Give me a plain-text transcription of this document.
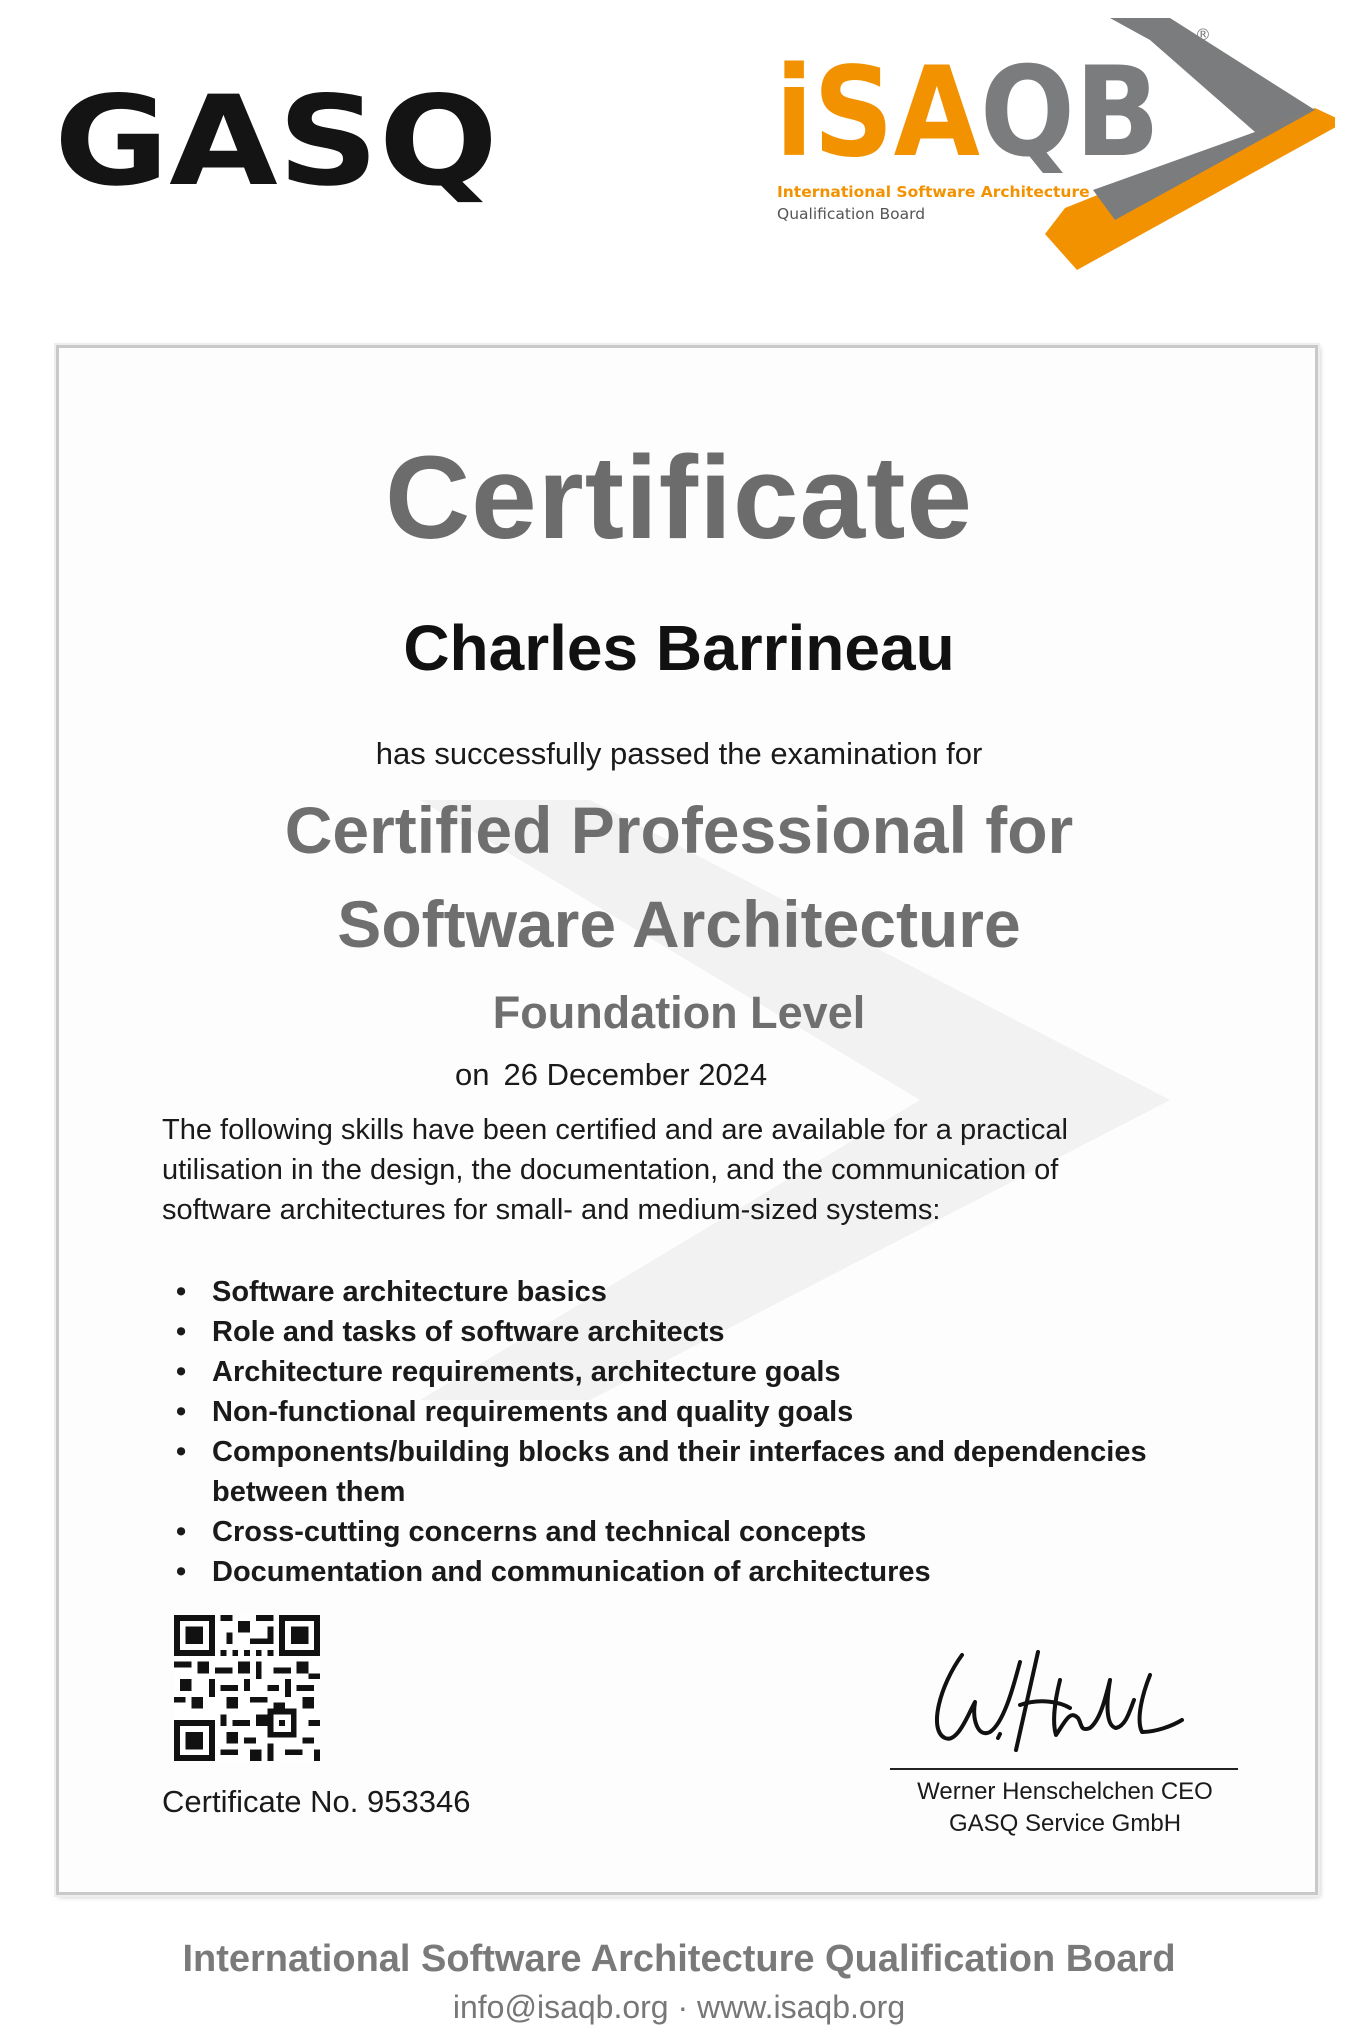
GASQ iSAQB
®
International Software Architecture
Qualification Board
Certificate
Charles Barrineau
has successfully passed the examination for
Certified Professional for
Software Architecture
Foundation Level
on 26 December 2024
The following skills have been certified and are available for a practical
utilisation in the design, the documentation, and the communication of
software architectures for small- and medium-sized systems:
• Software architecture basics
• Role and tasks of software architects
• Architecture requirements, architecture goals
• Non-functional requirements and quality goals
• Components/building blocks and their interfaces and dependencies
between them
• Cross-cutting concerns and technical concepts
• Documentation and communication of architectures
Certificate No. 953346	Werner Henschelchen CEO
GASQ Service GmbH
International Software Architecture Qualification Board
info@isaqb.org · www.isaqb.org
